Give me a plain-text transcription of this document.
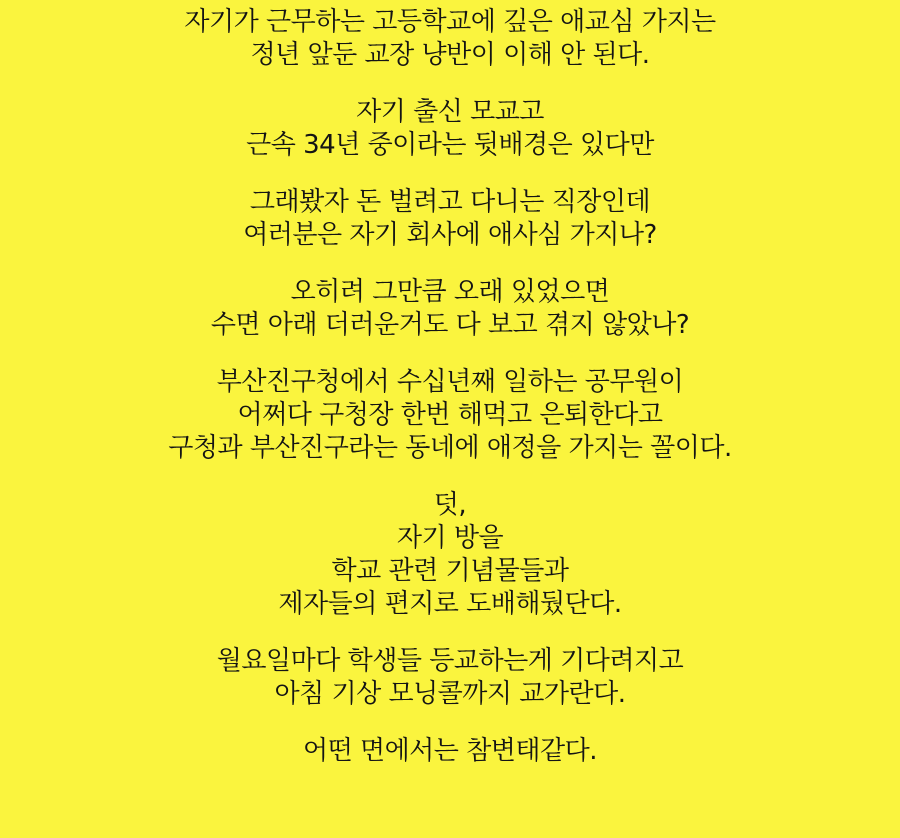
자기가 근무하는 고등학교에 깊은 애교심 가지는
정년 앞둔 교장 냥반이 이해 안 된다.
자기 출신 모교고
근속 34년 중이라는 뒷배경은 있다만
그래봤자 돈 벌려고 다니는 직장인데
여러분은 자기 회사에 애사심 가지나?
오히려 그만큼 오래 있었으면
수면 아래 더러운거도 다 보고 겪지 않았나?
부산진구청에서 수십년째 일하는 공무원이
어쩌다 구청장 한번 해먹고 은퇴한다고
구청과 부산진구라는 동네에 애정을 가지는 꼴이다.
덧,
자기 방을
학교 관련 기념물들과
제자들의 편지로 도배해뒀단다.
월요일마다 학생들 등교하는게 기다려지고
아침 기상 모닝콜까지 교가란다.
어떤 면에서는 참변태같다.
